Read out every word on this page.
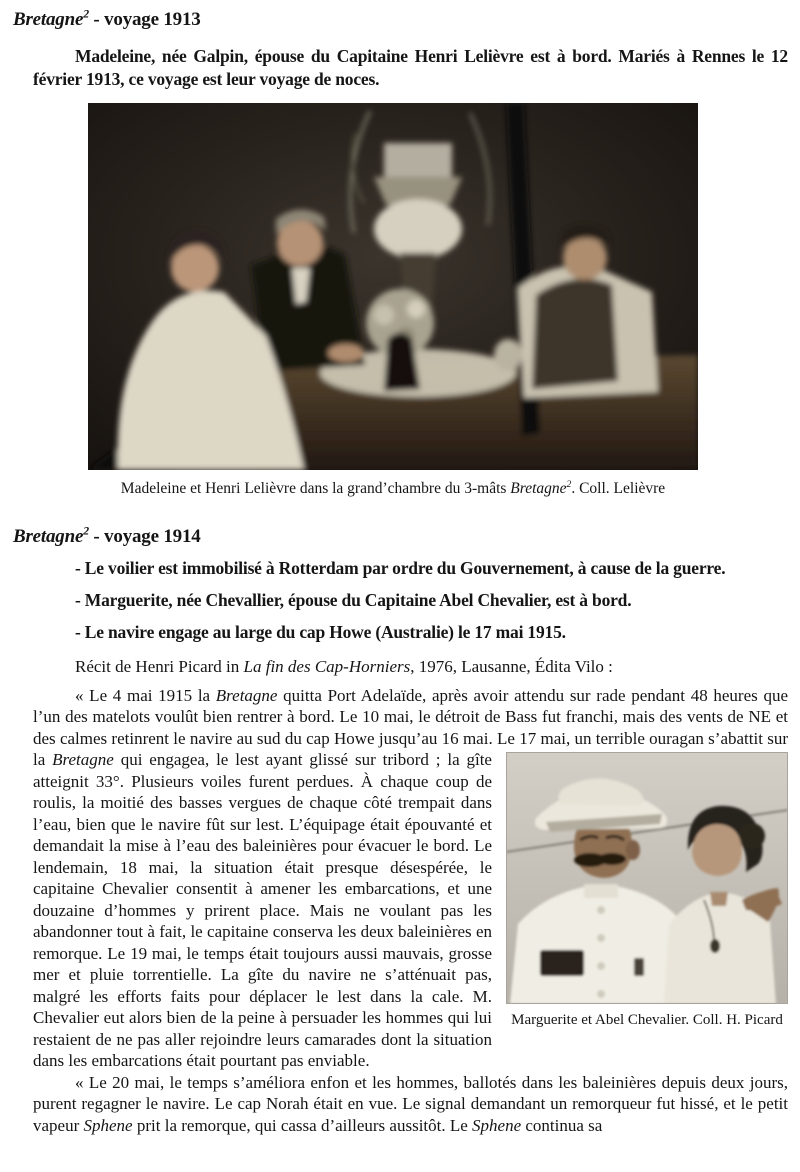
Bretagne$^2$ - voyage 1913
Madeleine, née Galpin, épouse du Capitaine Henri Lelièvre est à bord. Mariés à Rennes le 12 février 1913, ce voyage est leur voyage de noces.
Madeleine et Henri Lelièvre dans la grand’chambre du 3-mâts Bretagne$^2$. Coll. Lelièvre
Bretagne$^2$ - voyage 1914
- Le voilier est immobilisé à Rotterdam par ordre du Gouvernement, à cause de la guerre.
- Marguerite, née Chevallier, épouse du Capitaine Abel Chevalier, est à bord.
- Le navire engage au large du cap Howe (Australie) le 17 mai 1915.
Récit de Henri Picard in La fin des Cap-Horniers, 1976, Lausanne, Édita Vilo :
« Le 4 mai 1915 la Bretagne quitta Port Adelaïde, après avoir attendu sur rade pendant 48 heures que l’un des matelots voulût bien rentrer à bord. Le 10 mai, le détroit de Bass fut franchi, mais des vents de NE et des calmes retinrent le navire au sud du cap Howe jusqu’au 16 mai. Le 17 mai, un
Marguerite et Abel Chevalier. Coll. H. Picard
terrible ouragan s’abattit sur la Bretagne qui engagea, le lest ayant glissé sur tribord ; la gîte atteignit 33°. Plusieurs voiles furent perdues. À chaque coup de roulis, la moitié des basses vergues de chaque côté trempait dans l’eau, bien que le navire fût sur lest. L’équipage était épouvanté et demandait la mise à l’eau des baleinières pour évacuer le bord. Le lendemain, 18 mai, la situation était presque désespérée, le capitaine Chevalier consentit à amener les embarcations, et une douzaine d’hommes y prirent place. Mais ne voulant pas les abandonner tout à fait, le capitaine conserva les deux baleinières en remorque. Le 19 mai, le temps était toujours aussi mauvais, grosse mer et pluie torrentielle. La gîte du navire ne s’atténuait pas, malgré les efforts faits pour déplacer le lest dans la cale. M. Chevalier eut alors bien de la peine à persuader les hommes qui lui restaient de ne pas aller rejoindre leurs camarades dont la situation dans les embarcations était pourtant pas enviable.
« Le 20 mai, le temps s’améliora enfon et les hommes, ballotés dans les baleinières depuis deux jours, purent regagner le navire. Le cap Norah était en vue. Le signal demandant un remorqueur fut hissé, et le petit vapeur Sphene prit la remorque, qui cassa d’ailleurs aussitôt. Le Sphene continua sa
